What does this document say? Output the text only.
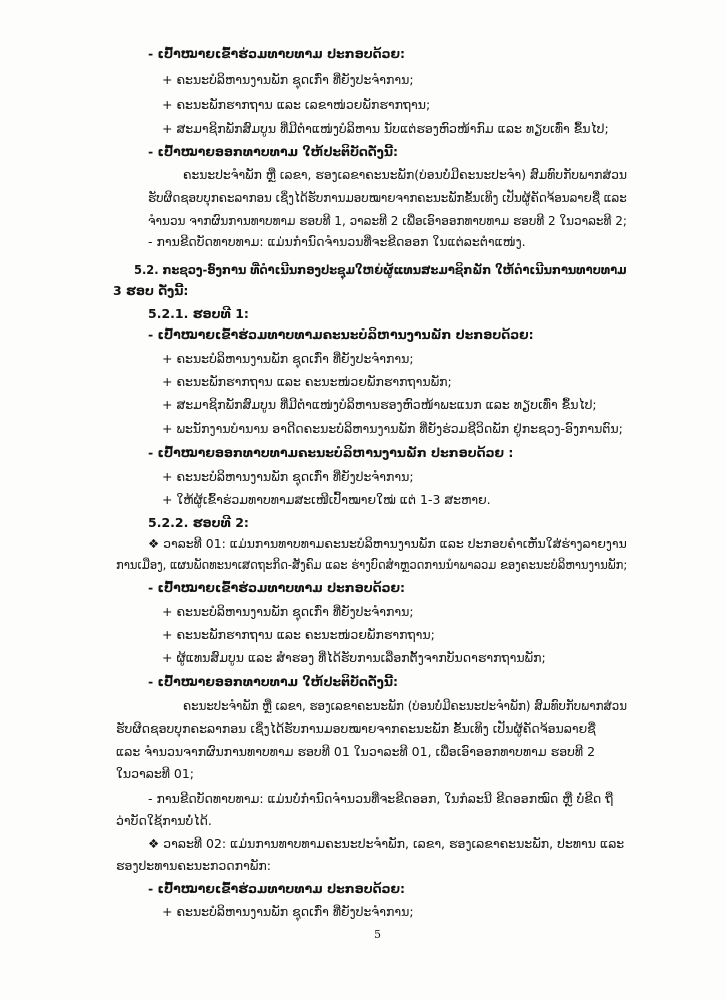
- ເປົ້າໝາຍເຂົ້າຮ່ວມທາບທາມ ປະກອບດ້ວຍ:
+ ຄະນະບໍລິຫານງານພັກ ຊຸດເກົ່າ ທີ່ຍັງປະຈຳການ;
+ ຄະນະພັກຮາກຖານ ແລະ ເລຂາໜ່ວຍພັກຮາກຖານ;
+ ສະມາຊິກພັກສົມບູນ ທີ່ມີຕຳແໜ່ງບໍລິຫານ ນັບແຕ່ຮອງຫົວໜ້າກົມ ແລະ ທຽບເທົ່າ ຂຶ້ນໄປ;
- ເປົ້າໝາຍອອກທາບທາມ ໃຫ້ປະຕິບັດດັ່ງນີ້:
ຄະນະປະຈຳພັກ ຫຼື ເລຂາ, ຮອງເລຂາຄະນະພັກ(ບ່ອນບໍ່ມີຄະນະປະຈຳ) ສົມທົບກັບພາກສ່ວນ
ຮັບຜິດຊອບບຸກຄະລາກອນ ເຊິ່ງໄດ້ຮັບການມອບໝາຍຈາກຄະນະພັກຂັ້ນເທິງ ເປັນຜູ້ຄັດຈ້ອນລາຍຊື່ ແລະ
ຈຳນວນ ຈາກຜົນການທາບທາມ ຮອບທີ 1, ວາລະທີ 2 ເພື່ອເອົາອອກທາບທາມ ຮອບທີ 2 ໃນວາລະທີ 2;
- ການຂີດບັດທາບທາມ: ແມ່ນກຳນົດຈຳນວນທີ່ຈະຂີດອອກ ໃນແຕ່ລະຕຳແໜ່ງ.
5.2. ກະຊວງ-ອົງການ ທີ່ດຳເນີນກອງປະຊຸມໃຫຍ່ຜູ້ແທນສະມາຊິກພັກ ໃຫ້ດຳເນີນການທາບທາມ
3 ຮອບ ດັ່ງນີ້:
5.2.1. ຮອບທີ 1:
- ເປົ້າໝາຍເຂົ້າຮ່ວມທາບທາມຄະນະບໍລິຫານງານພັກ ປະກອບດ້ວຍ:
+ ຄະນະບໍລິຫານງານພັກ ຊຸດເກົ່າ ທີ່ຍັງປະຈຳການ;
+ ຄະນະພັກຮາກຖານ ແລະ ຄະນະໜ່ວຍພັກຮາກຖານພັກ;
+ ສະມາຊິກພັກສົມບູນ ທີ່ມີຕຳແໜ່ງບໍລິຫານຮອງຫົວໜ້າພະແນກ ແລະ ທຽບເທົ່າ ຂຶ້ນໄປ;
+ ພະນັກງານບຳນານ ອາດີດຄະນະບໍລິຫານງານພັກ ທີ່ຍັງຮ່ວມຊີວິດພັກ ຢູ່ກະຊວງ-ອົງການຕົນ;
- ເປົ້າໝາຍອອກທາບທາມຄະນະບໍລິຫານງານພັກ ປະກອບດ້ວຍ :
+ ຄະນະບໍລິຫານງານພັກ ຊຸດເກົ່າ ທີ່ຍັງປະຈຳການ;
+ ໃຫ້ຜູ້ເຂົ້າຮ່ວມທາບທາມສະເໜີເປົ້າໝາຍໃໝ່ ແຕ່ 1-3 ສະຫາຍ.
5.2.2. ຮອບທີ 2:
❖ ວາລະທີ 01: ແມ່ນການທາບທາມຄະນະບໍລິຫານງານພັກ ແລະ ປະກອບຄຳເຫັນໃສ່ຮ່າງລາຍງານ
ການເມືອງ, ແຜນພັດທະນາເສດຖະກິດ-ສັງຄົມ ແລະ ຮ່າງບົດສຳຫຼວດການນຳພາລວມ ຂອງຄະນະບໍລິຫານງານພັກ;
- ເປົ້າໝາຍເຂົ້າຮ່ວມທາບທາມ ປະກອບດ້ວຍ:
+ ຄະນະບໍລິຫານງານພັກ ຊຸດເກົ່າ ທີ່ຍັງປະຈຳການ;
+ ຄະນະພັກຮາກຖານ ແລະ ຄະນະໜ່ວຍພັກຮາກຖານ;
+ ຜູ້ແທນສົມບູນ ແລະ ສຳຮອງ ທີ່ໄດ້ຮັບການເລືອກຕັ້ງຈາກບັນດາຮາກຖານພັກ;
- ເປົ້າໝາຍອອກທາບທາມ ໃຫ້ປະຕິບັດດັ່ງນີ້:
ຄະນະປະຈຳພັກ ຫຼື ເລຂາ, ຮອງເລຂາຄະນະພັກ (ບ່ອນບໍ່ມີຄະນະປະຈຳພັກ) ສົມທົບກັບພາກສ່ວນ
ຮັບຜິດຊອບບຸກຄະລາກອນ ເຊິ່ງໄດ້ຮັບການມອບໝາຍຈາກຄະນະພັກ ຂັ້ນເທິງ ເປັນຜູ້ຄັດຈ້ອນລາຍຊື່
ແລະ ຈຳນວນຈາກຜົນການທາບທາມ ຮອບທີ 01 ໃນວາລະທີ 01, ເພື່ອເອົາອອກທາບທາມ ຮອບທີ 2
ໃນວາລະທີ 01;
- ການຂີດບັດທາບທາມ: ແມ່ນບໍ່ກຳນົດຈຳນວນທີ່ຈະຂີດອອກ, ໃນກໍລະນີ ຂີດອອກໝົດ ຫຼື ບໍ່ຂີດ ຖື
ວ່າບັດໃຊ້ການບໍ່ໄດ້.
❖ ວາລະທີ 02: ແມ່ນການທາບທາມຄະນະປະຈຳພັກ, ເລຂາ, ຮອງເລຂາຄະນະພັກ, ປະທານ ແລະ
ຮອງປະທານຄະນະກວດກາພັກ:
- ເປົ້າໝາຍເຂົ້າຮ່ວມທາບທາມ ປະກອບດ້ວຍ:
+ ຄະນະບໍລິຫານງານພັກ ຊຸດເກົ່າ ທີ່ຍັງປະຈຳການ;
5
